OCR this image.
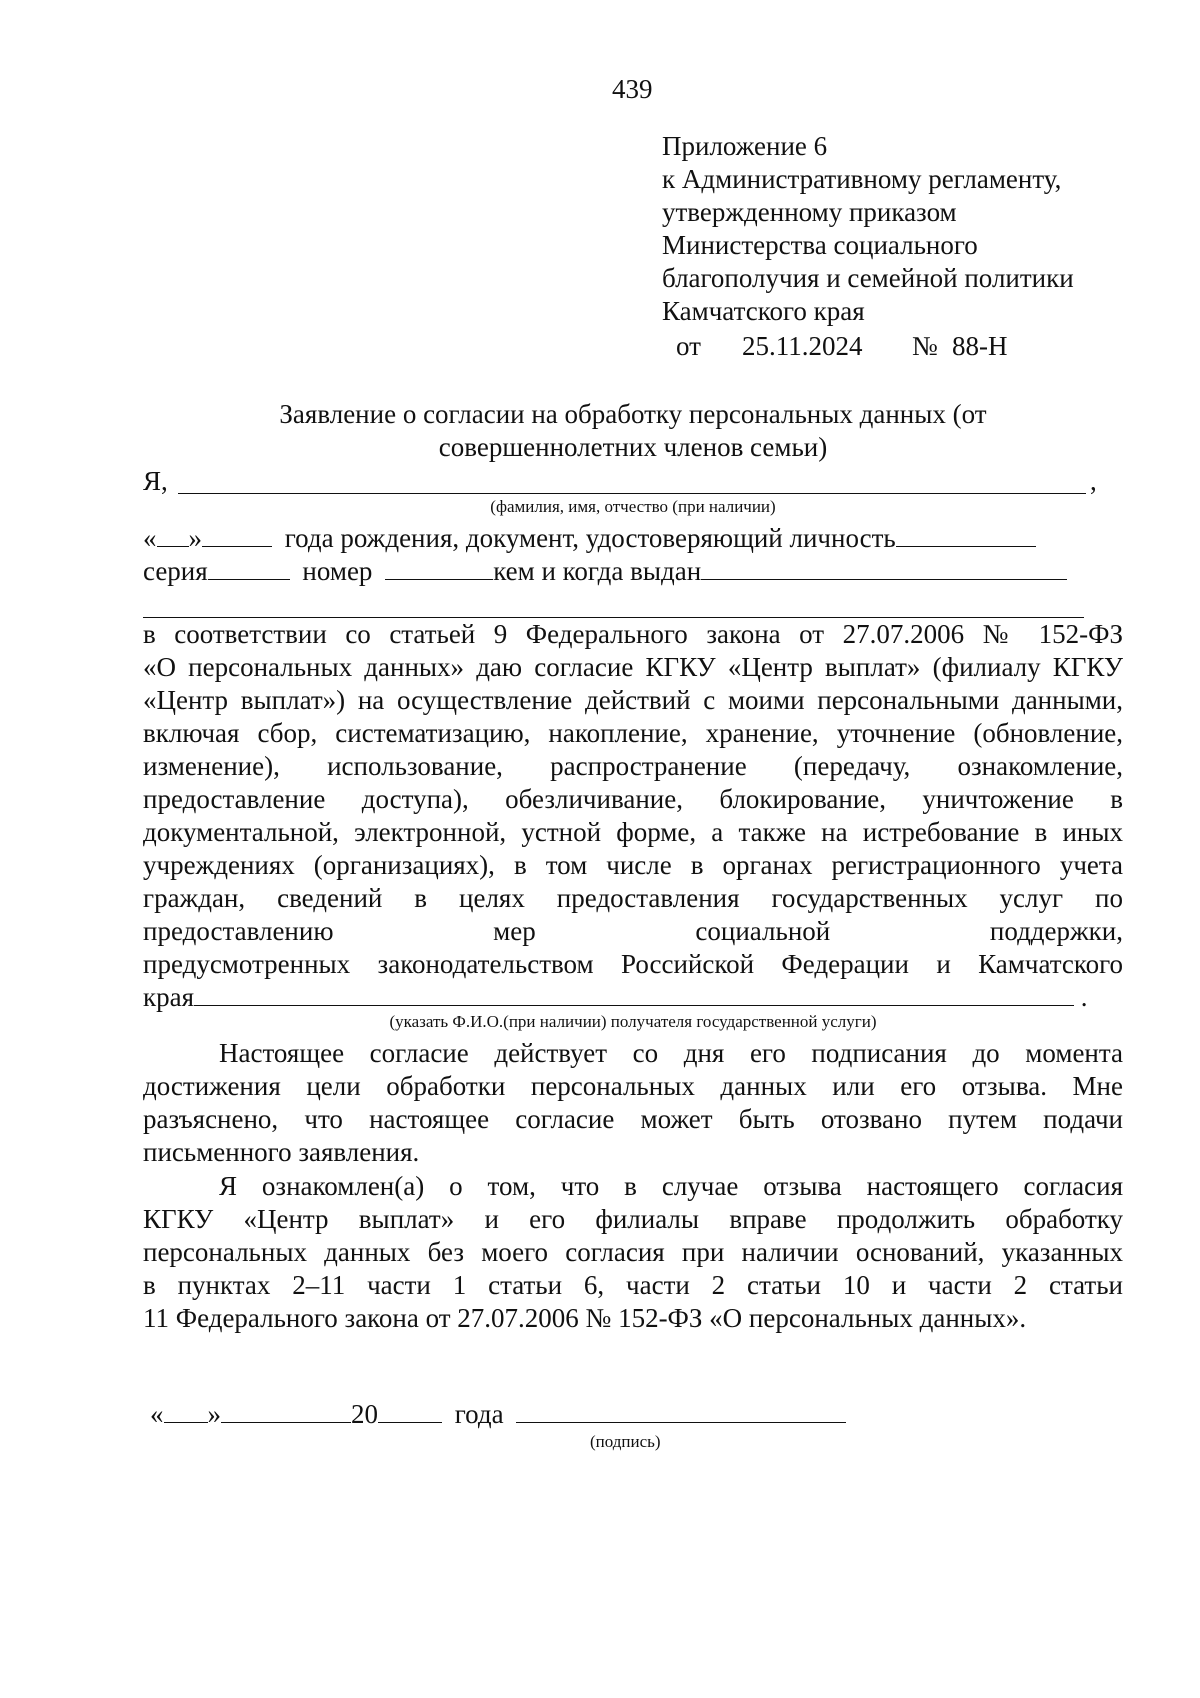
439
Приложение 6
к Административному регламенту,
утвержденному приказом
Министерства социального
благополучия и семейной политики
Камчатского края
от 25.11.2024 № 88-Н
Заявление о согласии на обработку персональных данных (от
совершеннолетних членов семьи)
Я,	,
(фамилия, имя, отчество (при наличии)
« »	года рождения, документ, удостоверяющий личность
серия	номер	кем и когда выдан
в соответствии со статьей 9 Федерального закона от 27.07.2006 № 152-ФЗ
«О персональных данных» даю согласие КГКУ «Центр выплат» (филиалу КГКУ
«Центр выплат») на осуществление действий с моими персональными данными,
включая сбор, систематизацию, накопление, хранение, уточнение (обновление,
изменение), использование, распространение (передачу, ознакомление,
предоставление доступа), обезличивание, блокирование, уничтожение в
документальной, электронной, устной форме, а также на истребование в иных
учреждениях (организациях), в том числе в органах регистрационного учета
граждан, сведений в целях предоставления государственных услуг по
предоставлению мер социальной поддержки,
предусмотренных законодательством Российской Федерации и Камчатского
края	.
(указать Ф.И.О.(при наличии) получателя государственной услуги)
Настоящее согласие действует со дня его подписания до момента
достижения цели обработки персональных данных или его отзыва. Мне
разъяснено, что настоящее согласие может быть отозвано путем подачи
письменного заявления.
Я ознакомлен(а) о том, что в случае отзыва настоящего согласия
КГКУ «Центр выплат» и его филиалы вправе продолжить обработку
персональных данных без моего согласия при наличии оснований, указанных
в пунктах 2–11 части 1 статьи 6, части 2 статьи 10 и части 2 статьи
11 Федерального закона от 27.07.2006 № 152-ФЗ «О персональных данных».
« »	20	года
(подпись)
